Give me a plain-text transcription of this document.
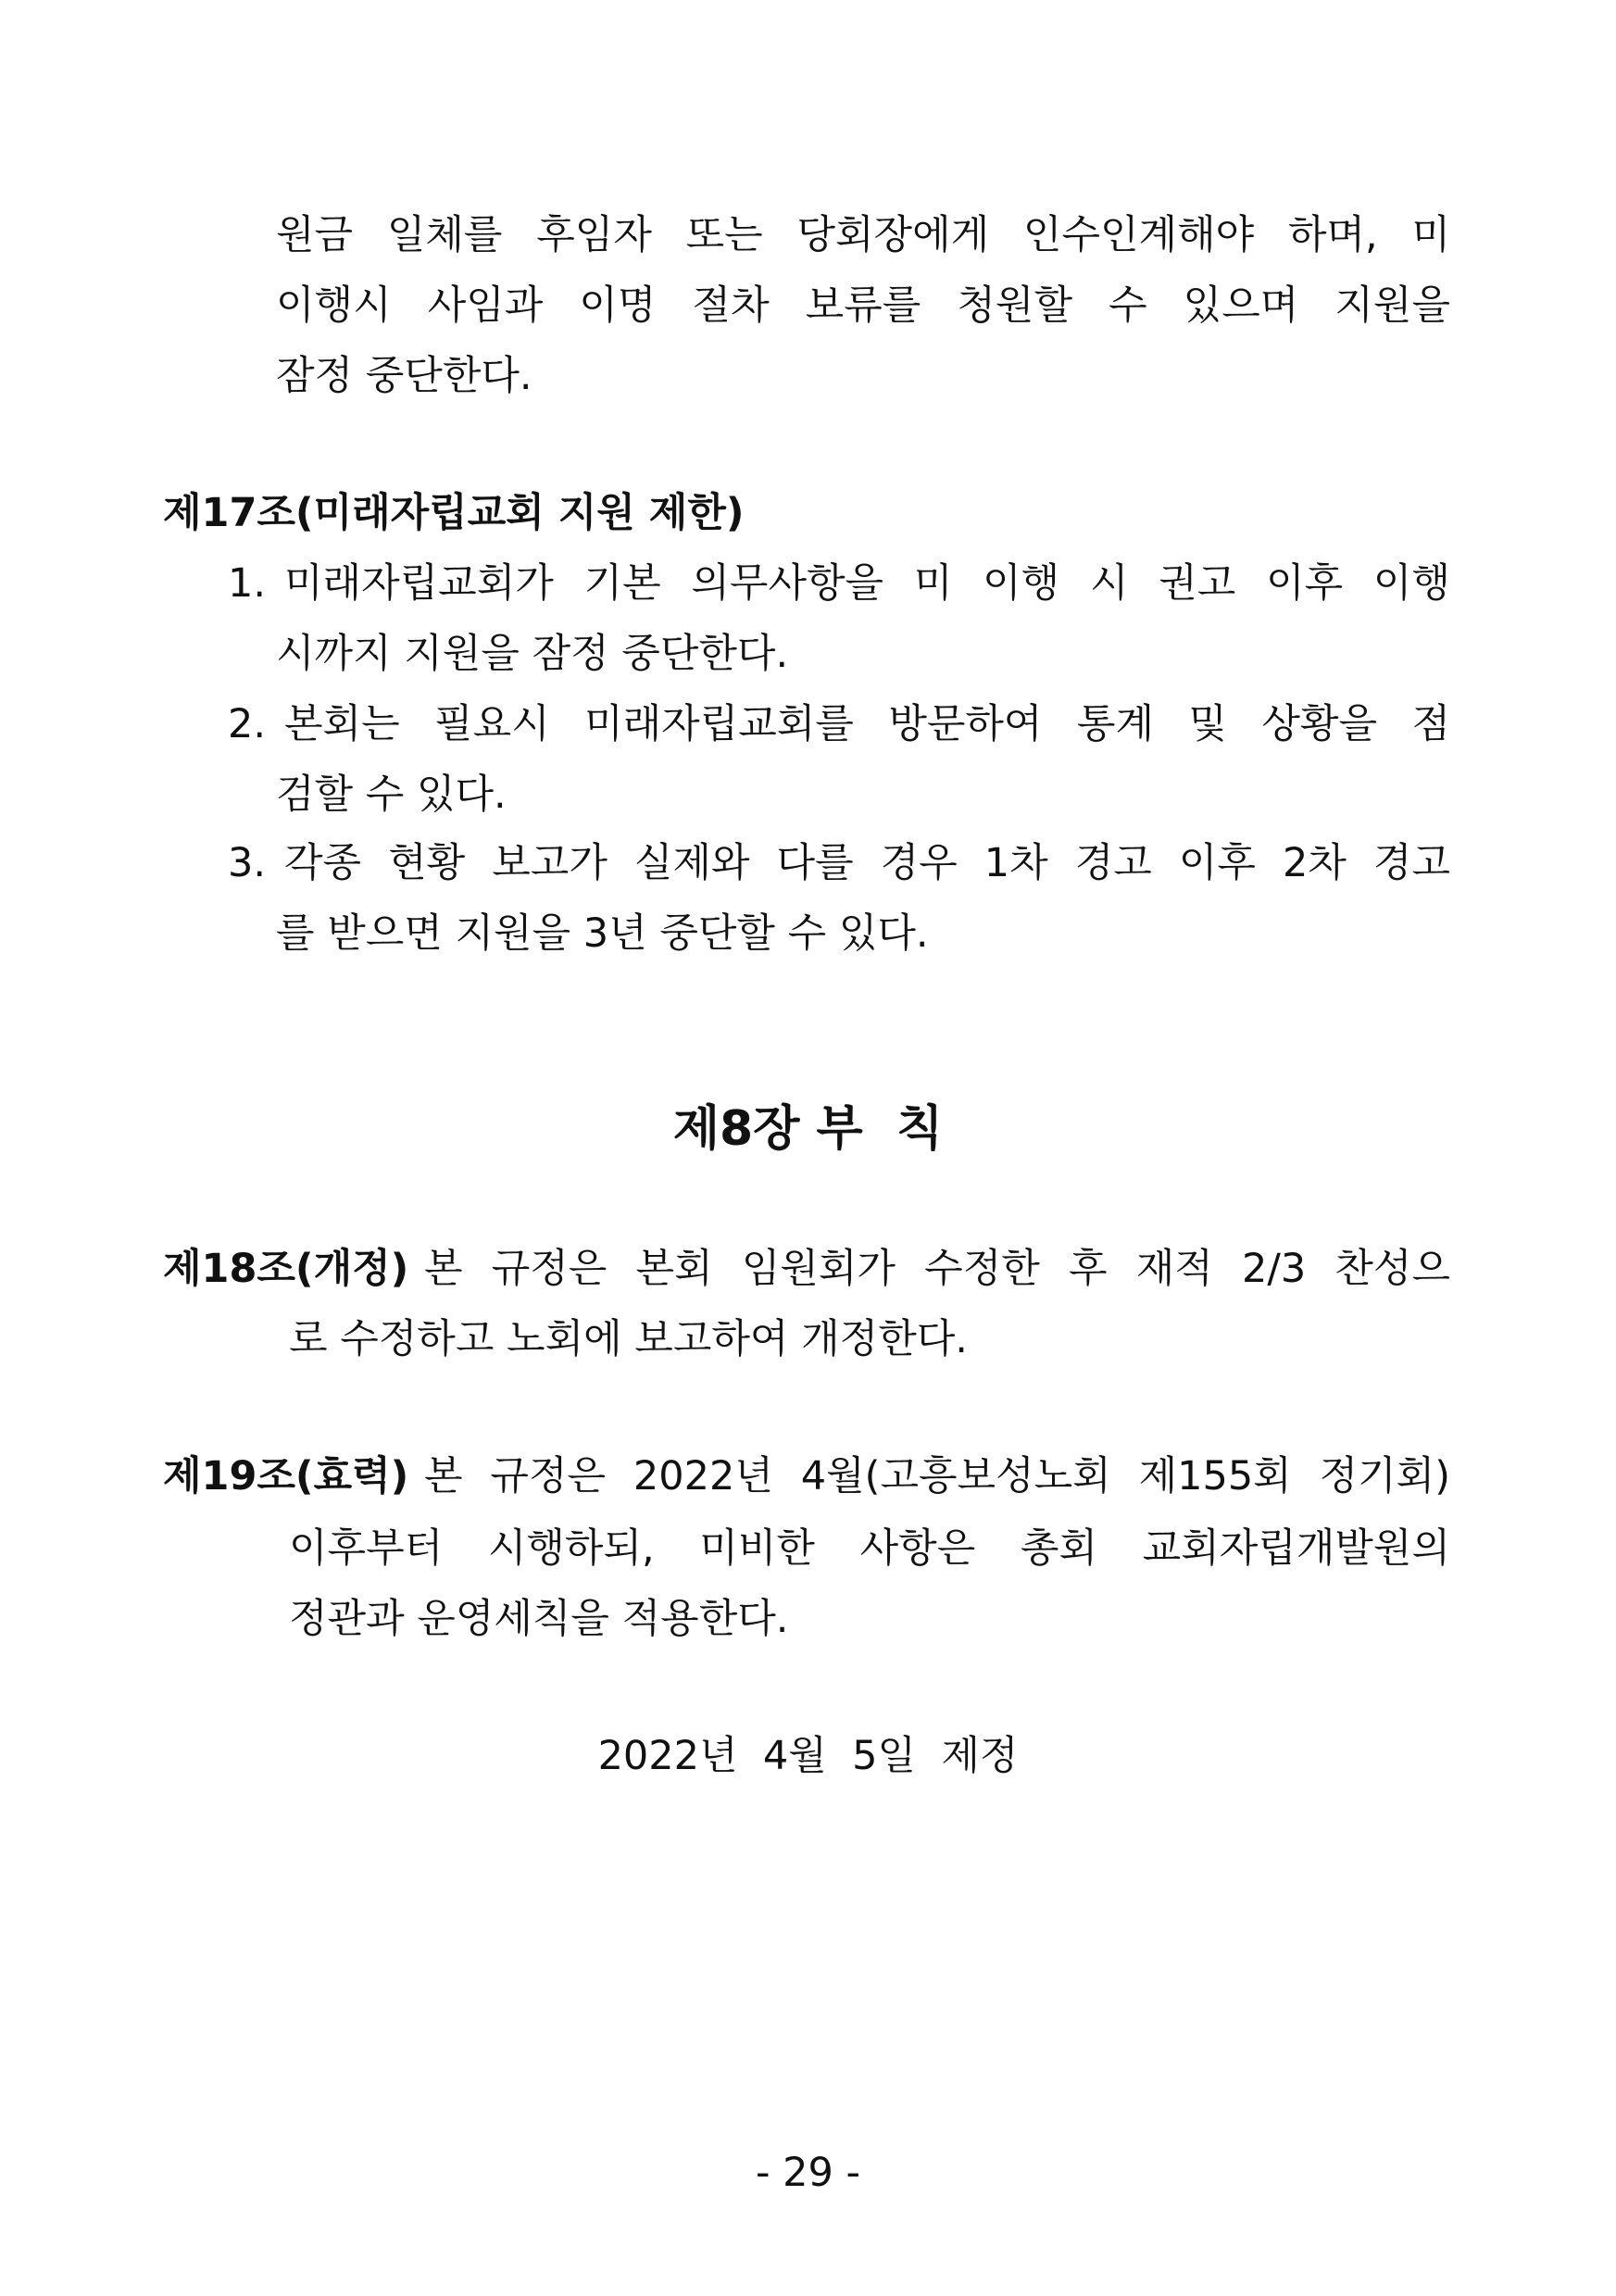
원금 일체를 후임자 또는 당회장에게 인수인계해야 하며, 미

이행시 사임과 이명 절차 보류를 청원할 수 있으며 지원을

잠정 중단한다.

제17조(미래자립교회 지원 제한)

1. 미래자립교회가 기본 의무사항을 미 이행 시 권고 이후 이행

시까지 지원을 잠정 중단한다.

2. 본회는 필요시 미래자립교회를 방문하여 통계 및 상황을 점

검할 수 있다.

3. 각종 현황 보고가 실제와 다를 경우 1차 경고 이후 2차 경고

를 받으면 지원을 3년 중단할 수 있다.

제8장 부  칙

제18조(개정) 본 규정은 본회 임원회가 수정한 후 재적 2/3 찬성으

로 수정하고 노회에 보고하여 개정한다.

제19조(효력) 본 규정은 2022년 4월(고흥보성노회 제155회 정기회)

이후부터 시행하되, 미비한 사항은 총회 교회자립개발원의

정관과 운영세칙을 적용한다.

2022년  4월  5일  제정

- 29 -
